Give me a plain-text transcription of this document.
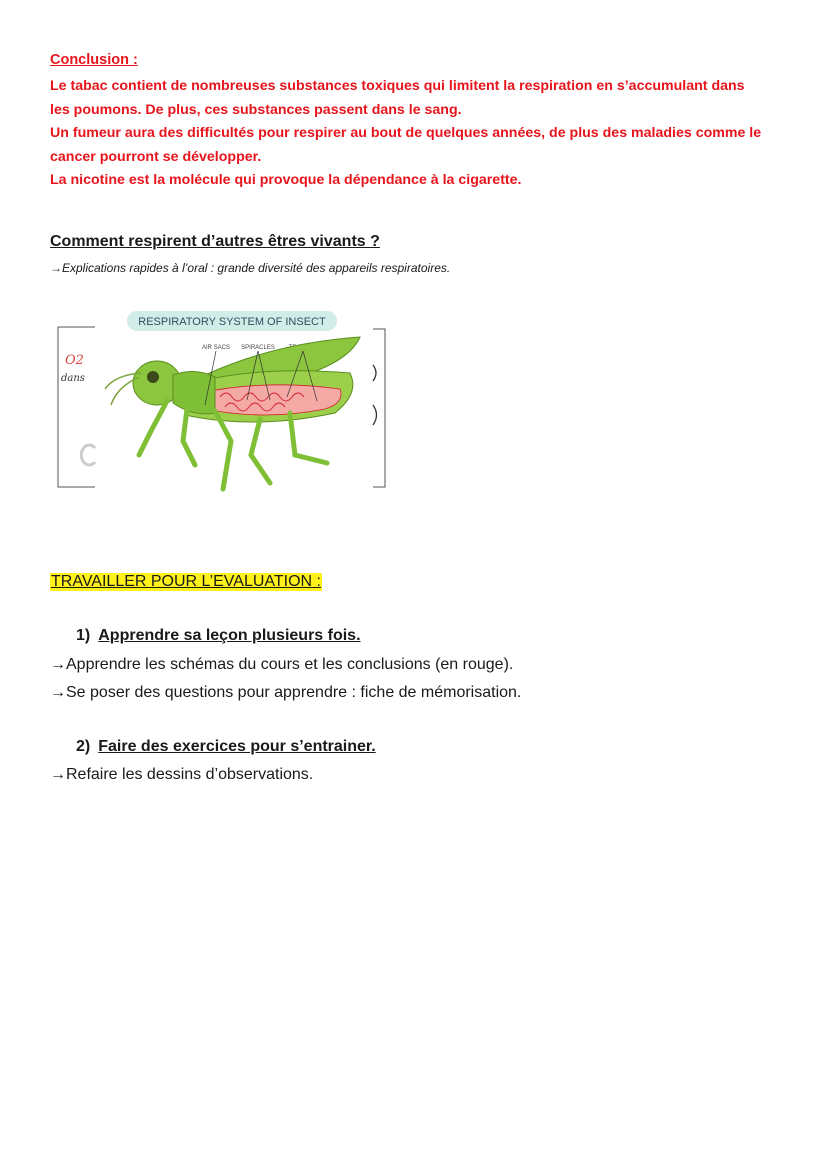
Conclusion :
Le tabac contient de nombreuses substances toxiques qui limitent la respiration en s’accumulant dans
les poumons. De plus, ces substances passent dans le sang.
Un fumeur aura des difficultés pour respirer au bout de quelques années, de plus des maladies comme le
cancer pourront se développer.
La nicotine est la molécule qui provoque la dépendance à la cigarette.
Comment respirent d’autres êtres vivants ?
→Explications rapides à l’oral : grande diversité des appareils respiratoires.
O2
dans
RESPIRATORY SYSTEM OF INSECT
AIR SACS SPIRACLES
TRAVAILLER POUR L’EVALUATION :
1) Apprendre sa leçon plusieurs fois.
→Apprendre les schémas du cours et les conclusions (en rouge).
→Se poser des questions pour apprendre : fiche de mémorisation.
2) Faire des exercices pour s’entrainer.
→Refaire les dessins d’observations.
